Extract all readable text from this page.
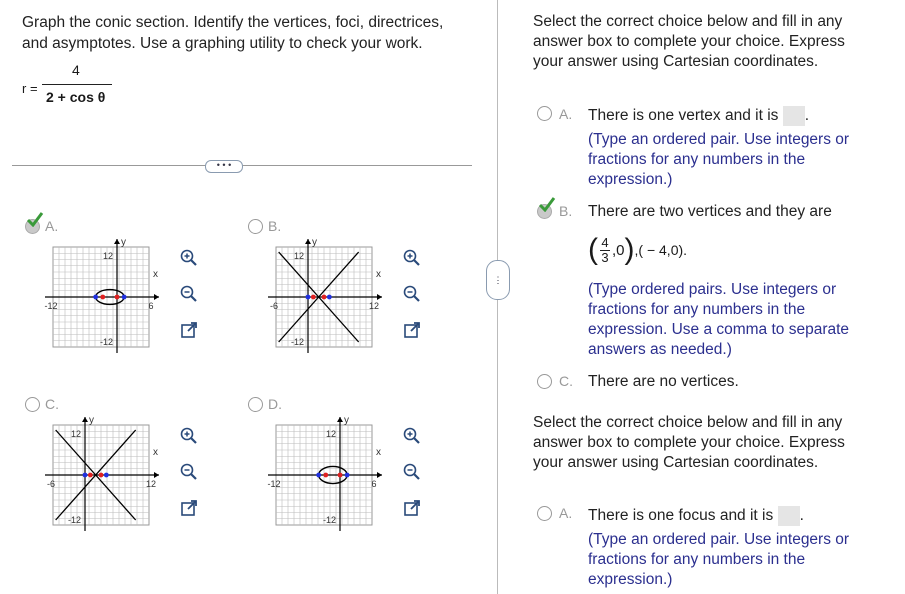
Graph the conic section. Identify the vertices, foci, directrices,
and asymptotes. Use a graphing utility to check your work.
r =
4
2 + cos θ
• • •
A.
y
x
12
-12
-12	6
B.
y
x
12
-12
-6	12
C.
y
x
12
-12
-6	12
D.
y
x
12
-12
-12	6
⋮
Select the correct choice below and fill in any
answer box to complete your choice. Express
your answer using Cartesian coordinates.
A. There is one vertex and it is .
(Type an ordered pair. Use integers or
fractions for any numbers in the
expression.)
B. There are two vertices and they are
( 4
3 ,0 ) ,( − 4,0) .
(Type ordered pairs. Use integers or
fractions for any numbers in the
expression. Use a comma to separate
answers as needed.)
C. There are no vertices.
Select the correct choice below and fill in any
answer box to complete your choice. Express
your answer using Cartesian coordinates.
A. There is one focus and it is .
(Type an ordered pair. Use integers or
fractions for any numbers in the
expression.)
